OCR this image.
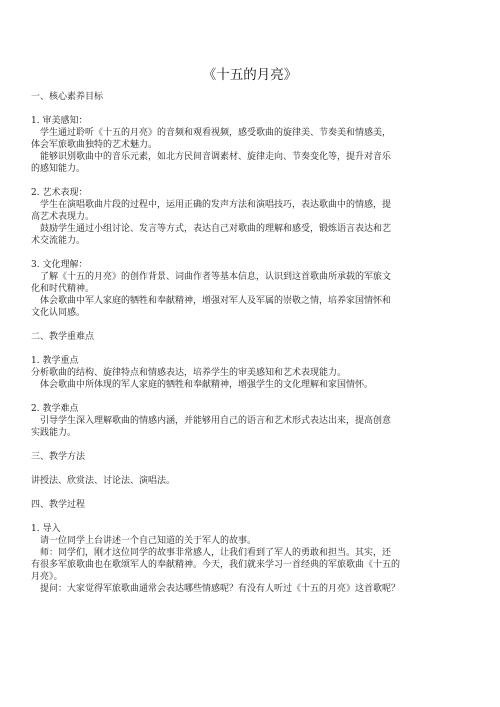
《十五的月亮》
一、核心素养目标
1. 审美感知：
学生通过聆听《十五的月亮》的音频和观看视频，感受歌曲的旋律美、节奏美和情感美，
体会军旅歌曲独特的艺术魅力。
能够识别歌曲中的音乐元素，如北方民间音调素材、旋律走向、节奏变化等，提升对音乐
的感知能力。
2. 艺术表现：
学生在演唱歌曲片段的过程中，运用正确的发声方法和演唱技巧，表达歌曲中的情感，提
高艺术表现力。
鼓励学生通过小组讨论、发言等方式，表达自己对歌曲的理解和感受，锻炼语言表达和艺
术交流能力。
3. 文化理解：
了解《十五的月亮》的创作背景、词曲作者等基本信息，认识到这首歌曲所承载的军旅文
化和时代精神。
体会歌曲中军人家庭的牺牲和奉献精神，增强对军人及军属的崇敬之情，培养家国情怀和
文化认同感。
二、教学重难点
1. 教学重点
分析歌曲的结构、旋律特点和情感表达，培养学生的审美感知和艺术表现能力。
体会歌曲中所体现的军人家庭的牺牲和奉献精神，增强学生的文化理解和家国情怀。
2. 教学难点
引导学生深入理解歌曲的情感内涵，并能够用自己的语言和艺术形式表达出来，提高创意
实践能力。
三、教学方法
讲授法、欣赏法、讨论法、演唱法。
四、教学过程
1. 导入
请一位同学上台讲述一个自己知道的关于军人的故事。
师：同学们，刚才这位同学的故事非常感人，让我们看到了军人的勇敢和担当。其实，还
有很多军旅歌曲也在歌颂军人的奉献精神。今天，我们就来学习一首经典的军旅歌曲《十五的
月亮》。
提问：大家觉得军旅歌曲通常会表达哪些情感呢？有没有人听过《十五的月亮》这首歌呢？
